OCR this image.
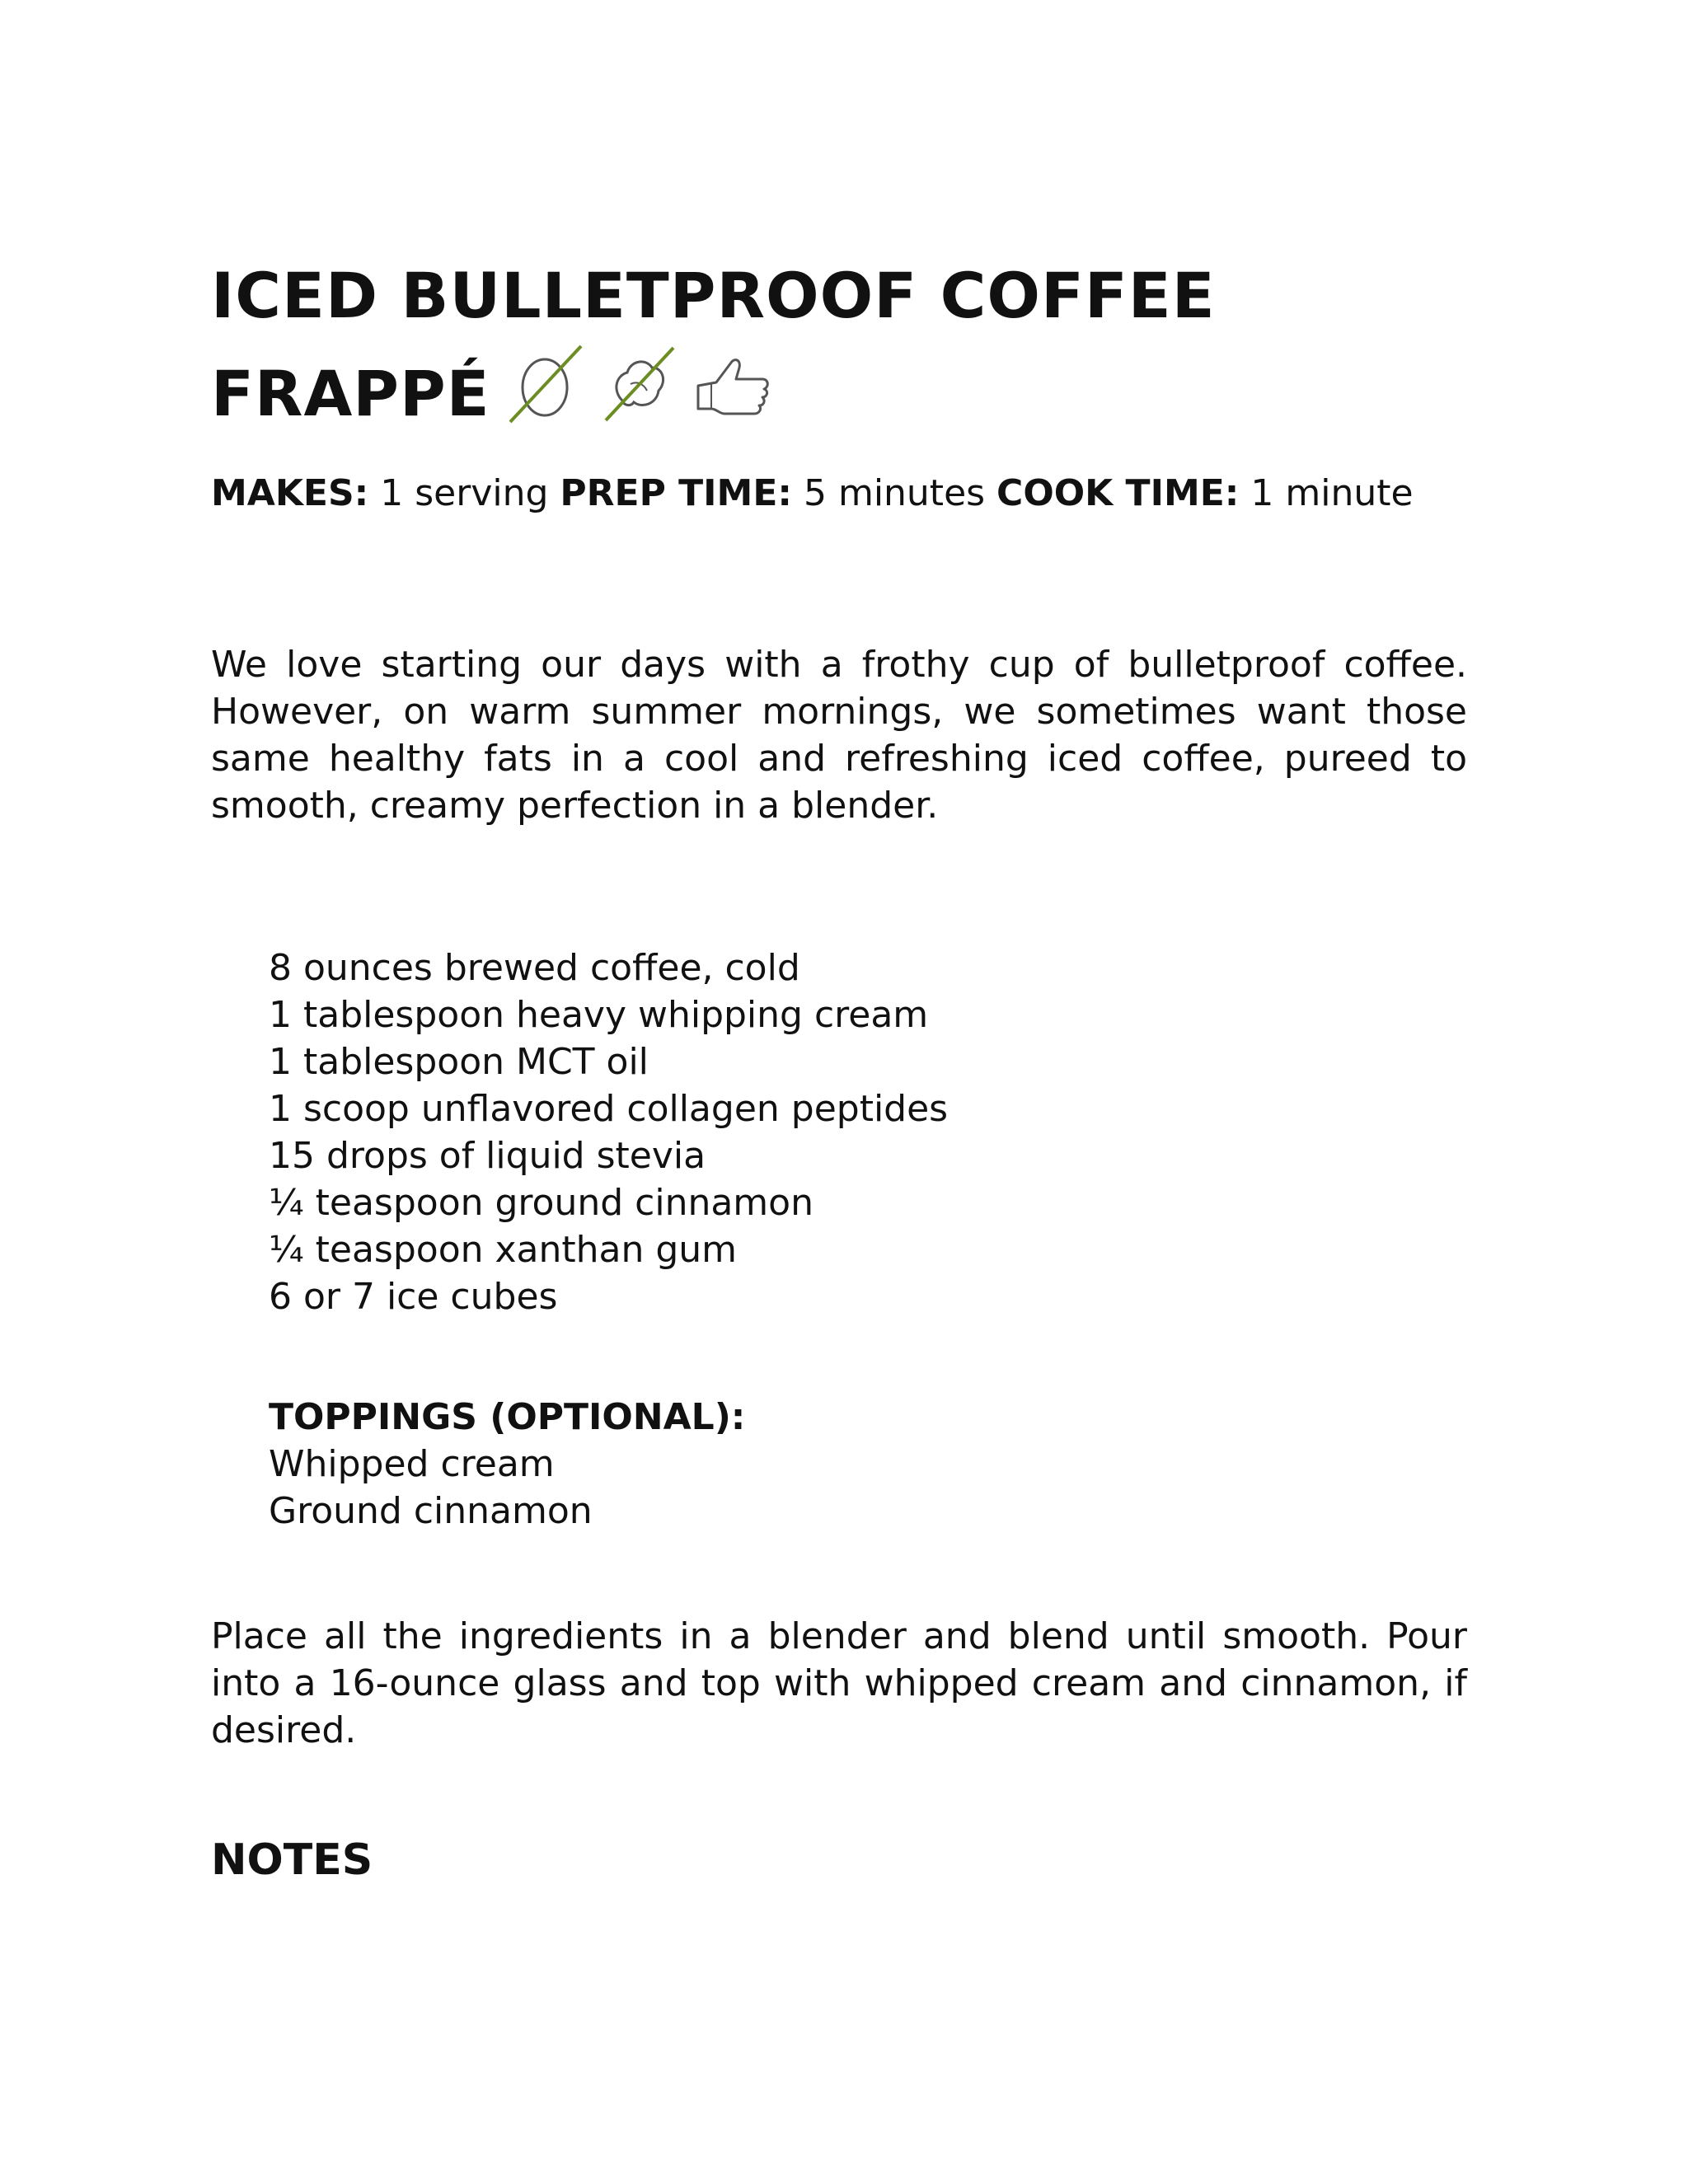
ICED BULLETPROOF COFFEE
FRAPPÉ

MAKES: 1 serving PREP TIME: 5 minutes COOK TIME: 1 minute

We love starting our days with a frothy cup of bulletproof coffee. However, on warm summer mornings, we sometimes want those same healthy fats in a cool and refreshing iced coffee, pureed to smooth, creamy perfection in a blender.

8 ounces brewed coffee, cold
1 tablespoon heavy whipping cream
1 tablespoon MCT oil
1 scoop unflavored collagen peptides
15 drops of liquid stevia
¼ teaspoon ground cinnamon
¼ teaspoon xanthan gum
6 or 7 ice cubes
TOPPINGS (OPTIONAL):
Whipped cream
Ground cinnamon

Place all the ingredients in a blender and blend until smooth. Pour into a 16-ounce glass and top with whipped cream and cinnamon, if desired.

NOTES
